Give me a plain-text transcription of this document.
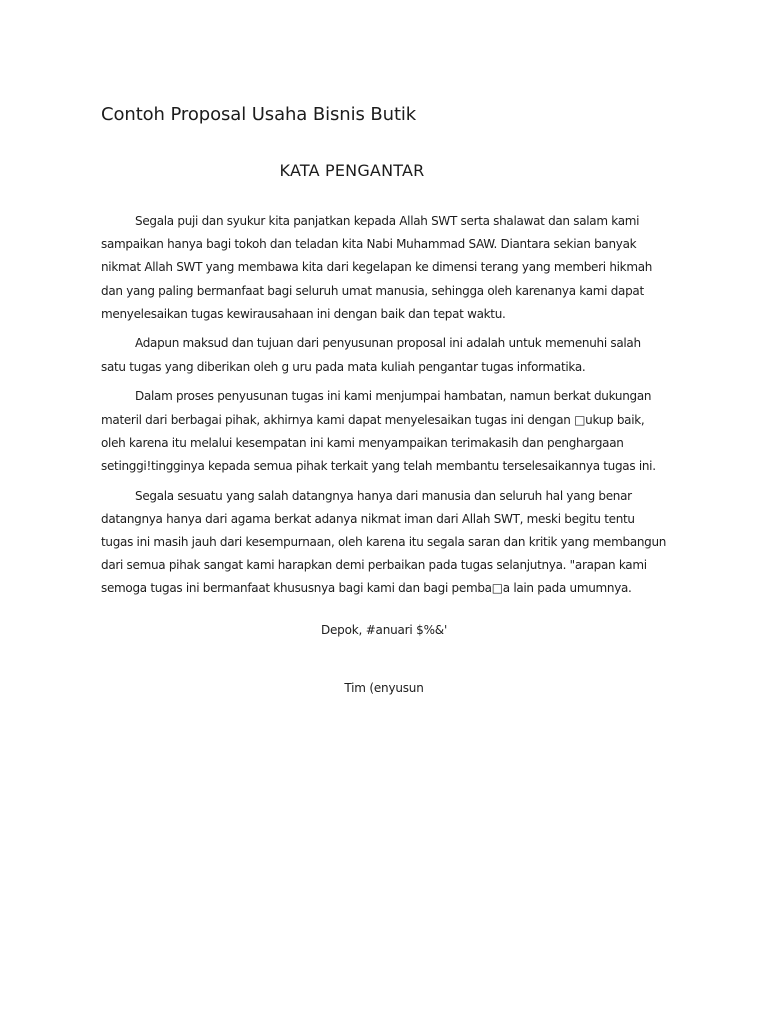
Contoh Proposal Usaha Bisnis Butik
KATA PENGANTAR

Segala puji dan syukur kita panjatkan kepada Allah SWT serta shalawat dan salam kami
sampaikan hanya bagi tokoh dan teladan kita Nabi Muhammad SAW. Diantara sekian banyak
nikmat Allah SWT yang membawa kita dari kegelapan ke dimensi terang yang memberi hikmah
dan yang paling bermanfaat bagi seluruh umat manusia, sehingga oleh karenanya kami dapat
menyelesaikan tugas kewirausahaan ini dengan baik dan tepat waktu.

Adapun maksud dan tujuan dari penyusunan proposal ini adalah untuk memenuhi salah
satu tugas yang diberikan oleh g uru pada mata kuliah pengantar tugas informatika.

Dalam proses penyusunan tugas ini kami menjumpai hambatan, namun berkat dukungan
materil dari berbagai pihak, akhirnya kami dapat menyelesaikan tugas ini dengan □ukup baik,
oleh karena itu melalui kesempatan ini kami menyampaikan terimakasih dan penghargaan
setinggi!tingginya kepada semua pihak terkait yang telah membantu terselesaikannya tugas ini.

Segala sesuatu yang salah datangnya hanya dari manusia dan seluruh hal yang benar
datangnya hanya dari agama berkat adanya nikmat iman dari Allah SWT, meski begitu tentu
tugas ini masih jauh dari kesempurnaan, oleh karena itu segala saran dan kritik yang membangun
dari semua pihak sangat kami harapkan demi perbaikan pada tugas selanjutnya. "arapan kami
semoga tugas ini bermanfaat khususnya bagi kami dan bagi pemba□a lain pada umumnya.

Depok, #anuari $%&'
Tim (enyusun
